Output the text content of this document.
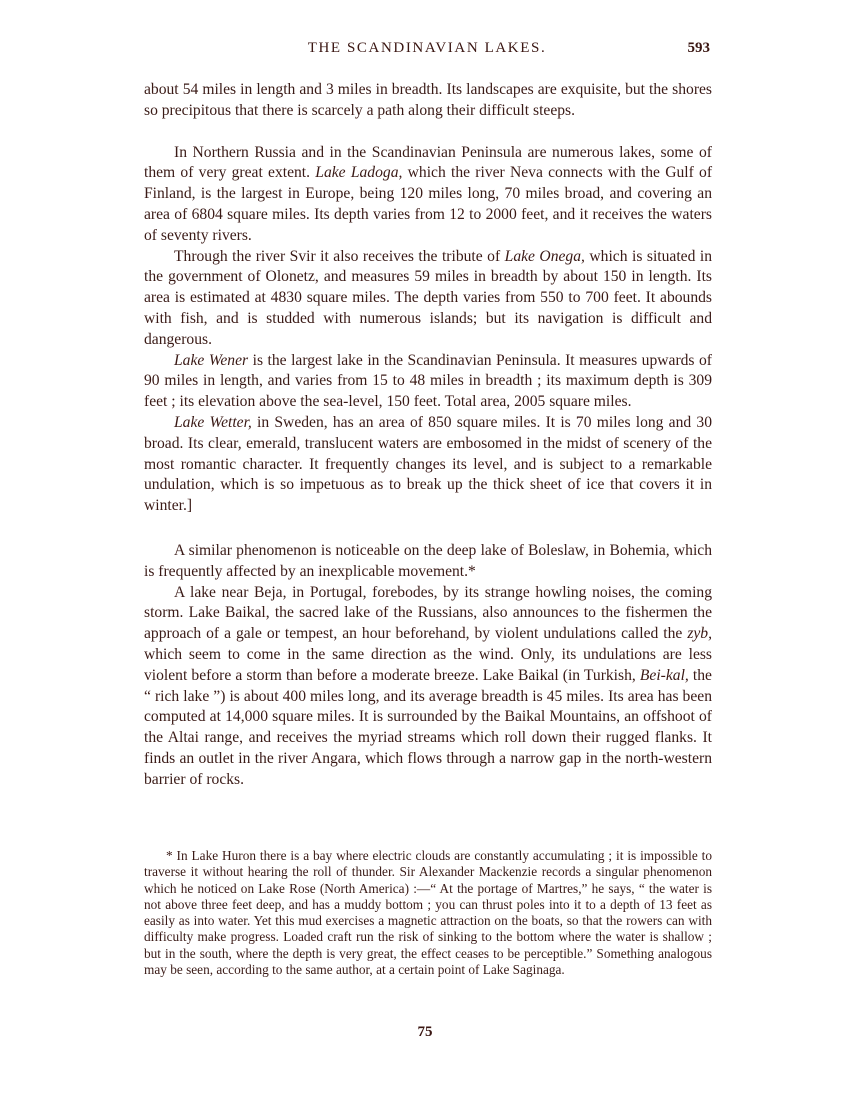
THE SCANDINAVIAN LAKES.	593

about 54 miles in length and 3 miles in breadth. Its landscapes are exquisite, but the shores so precipitous that there is scarcely a path along their difficult steeps.

In Northern Russia and in the Scandinavian Peninsula are numerous lakes, some of them of very great extent. Lake Ladoga, which the river Neva connects with the Gulf of Finland, is the largest in Europe, being 120 miles long, 70 miles broad, and covering an area of 6804 square miles. Its depth varies from 12 to 2000 feet, and it receives the waters of seventy rivers.

Through the river Svir it also receives the tribute of Lake Onega, which is situated in the government of Olonetz, and measures 59 miles in breadth by about 150 in length. Its area is estimated at 4830 square miles. The depth varies from 550 to 700 feet. It abounds with fish, and is studded with numerous islands; but its navigation is difficult and dangerous.

Lake Wener is the largest lake in the Scandinavian Peninsula. It measures upwards of 90 miles in length, and varies from 15 to 48 miles in breadth ; its maximum depth is 309 feet ; its elevation above the sea-level, 150 feet. Total area, 2005 square miles.

Lake Wetter, in Sweden, has an area of 850 square miles. It is 70 miles long and 30 broad. Its clear, emerald, translucent waters are embosomed in the midst of scenery of the most romantic character. It frequently changes its level, and is subject to a remarkable undulation, which is so impetuous as to break up the thick sheet of ice that covers it in winter.]

A similar phenomenon is noticeable on the deep lake of Boleslaw, in Bohemia, which is frequently affected by an inexplicable movement.*

A lake near Beja, in Portugal, forebodes, by its strange howling noises, the coming storm. Lake Baikal, the sacred lake of the Russians, also announces to the fishermen the approach of a gale or tempest, an hour beforehand, by violent undulations called the zyb, which seem to come in the same direction as the wind. Only, its undulations are less violent before a storm than before a moderate breeze. Lake Baikal (in Turkish, Bei-kal, the “ rich lake ”) is about 400 miles long, and its average breadth is 45 miles. Its area has been computed at 14,000 square miles. It is surrounded by the Baikal Mountains, an offshoot of the Altai range, and receives the myriad streams which roll down their rugged flanks. It finds an outlet in the river Angara, which flows through a narrow gap in the north-western barrier of rocks.

* In Lake Huron there is a bay where electric clouds are constantly accumulating ; it is impossible to traverse it without hearing the roll of thunder. Sir Alexander Mackenzie records a singular phenomenon which he noticed on Lake Rose (North America) :—“ At the portage of Martres,” he says, “ the water is not above three feet deep, and has a muddy bottom ; you can thrust poles into it to a depth of 13 feet as easily as into water. Yet this mud exercises a magnetic attraction on the boats, so that the rowers can with difficulty make progress. Loaded craft run the risk of sinking to the bottom where the water is shallow ; but in the south, where the depth is very great, the effect ceases to be perceptible.” Something analogous may be seen, according to the same author, at a certain point of Lake Saginaga.

75
